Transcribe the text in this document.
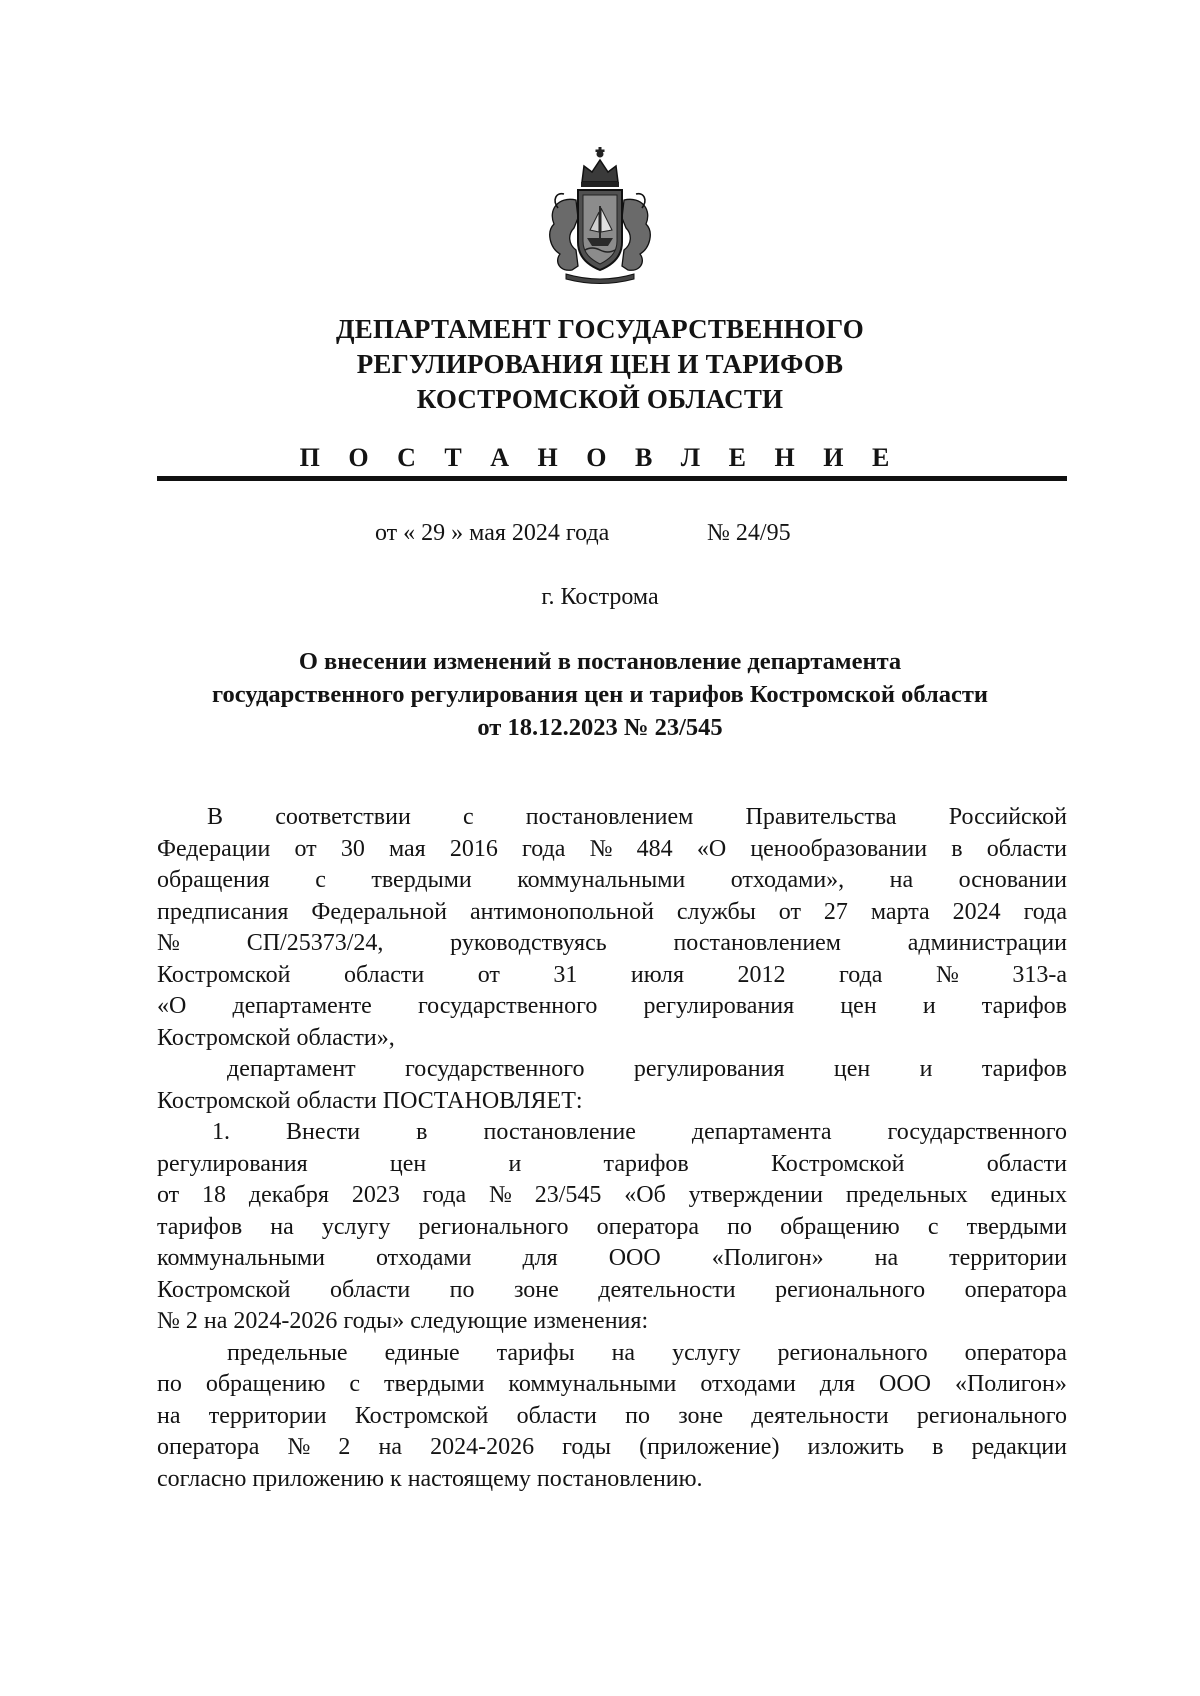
ДЕПАРТАМЕНТ ГОСУДАРСТВЕННОГО
РЕГУЛИРОВАНИЯ ЦЕН И ТАРИФОВ
КОСТРОМСКОЙ ОБЛАСТИ
П О С Т А Н О В Л Е Н И Е
от « 29 » мая 2024 года	№ 24/95
г. Кострома
О внесении изменений в постановление департамента
государственного регулирования цен и тарифов Костромской области
от 18.12.2023 № 23/545
В соответствии с постановлением Правительства Российской
Федерации от 30 мая 2016 года № 484 «О ценообразовании в области
обращения с твердыми коммунальными отходами», на основании
предписания Федеральной антимонопольной службы от 27 марта 2024 года
№	СП/25373/24,	руководствуясь	постановлением	администрации
Костромской области от 31 июля 2012 года № 313-а
«О департаменте государственного регулирования цен и тарифов
Костромской области»,
департамент государственного регулирования цен и тарифов
Костромской области ПОСТАНОВЛЯЕТ:
1. Внести в постановление департамента государственного
регулирования	цен	и	тарифов	Костромской	области
от 18 декабря 2023 года № 23/545 «Об утверждении предельных единых
тарифов на услугу регионального оператора по обращению с твердыми
коммунальными отходами для ООО «Полигон» на территории
Костромской области по зоне деятельности регионального оператора
№ 2 на 2024-2026 годы» следующие изменения:
предельные единые тарифы на услугу регионального оператора
по обращению с твердыми коммунальными отходами для ООО «Полигон»
на территории Костромской области по зоне деятельности регионального
оператора № 2 на 2024-2026 годы (приложение) изложить в редакции
согласно приложению к настоящему постановлению.
